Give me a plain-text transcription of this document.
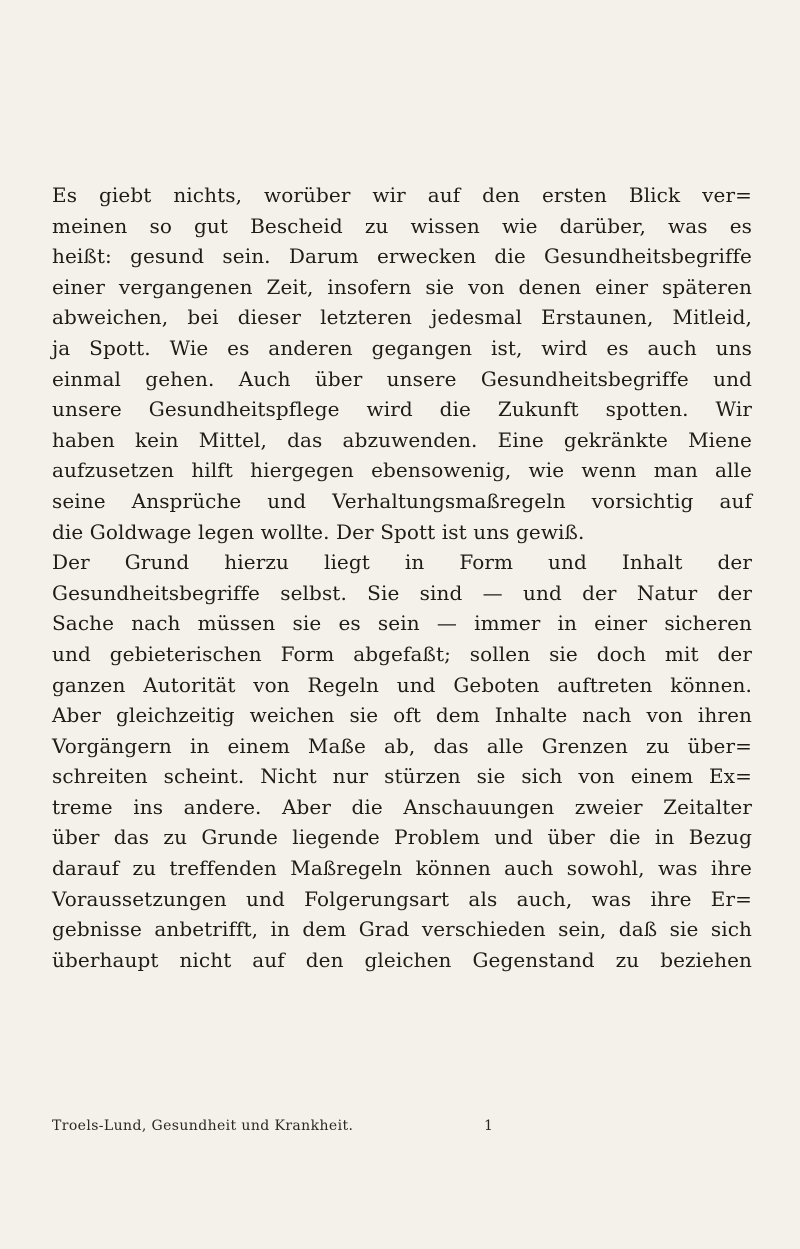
Es giebt nichts, worüber wir auf den ersten Blick ver=
meinen so gut Bescheid zu wissen wie darüber, was es
heißt: gesund sein. Darum erwecken die Gesundheitsbegriffe
einer vergangenen Zeit, insofern sie von denen einer späteren
abweichen, bei dieser letzteren jedesmal Erstaunen, Mitleid,
ja Spott. Wie es anderen gegangen ist, wird es auch uns
einmal gehen. Auch über unsere Gesundheitsbegriffe und
unsere Gesundheitspflege wird die Zukunft spotten. Wir
haben kein Mittel, das abzuwenden. Eine gekränkte Miene
aufzusetzen hilft hiergegen ebensowenig, wie wenn man alle
seine Ansprüche und Verhaltungsmaßregeln vorsichtig auf
die Goldwage legen wollte. Der Spott ist uns gewiß.
Der Grund hierzu liegt in Form und Inhalt der
Gesundheitsbegriffe selbst. Sie sind — und der Natur der
Sache nach müssen sie es sein — immer in einer sicheren
und gebieterischen Form abgefaßt; sollen sie doch mit der
ganzen Autorität von Regeln und Geboten auftreten können.
Aber gleichzeitig weichen sie oft dem Inhalte nach von ihren
Vorgängern in einem Maße ab, das alle Grenzen zu über=
schreiten scheint. Nicht nur stürzen sie sich von einem Ex=
treme ins andere. Aber die Anschauungen zweier Zeitalter
über das zu Grunde liegende Problem und über die in Bezug
darauf zu treffenden Maßregeln können auch sowohl, was ihre
Voraussetzungen und Folgerungsart als auch, was ihre Er=
gebnisse anbetrifft, in dem Grad verschieden sein, daß sie sich
überhaupt nicht auf den gleichen Gegenstand zu beziehen
Troels-Lund, Gesundheit und Krankheit.	1
